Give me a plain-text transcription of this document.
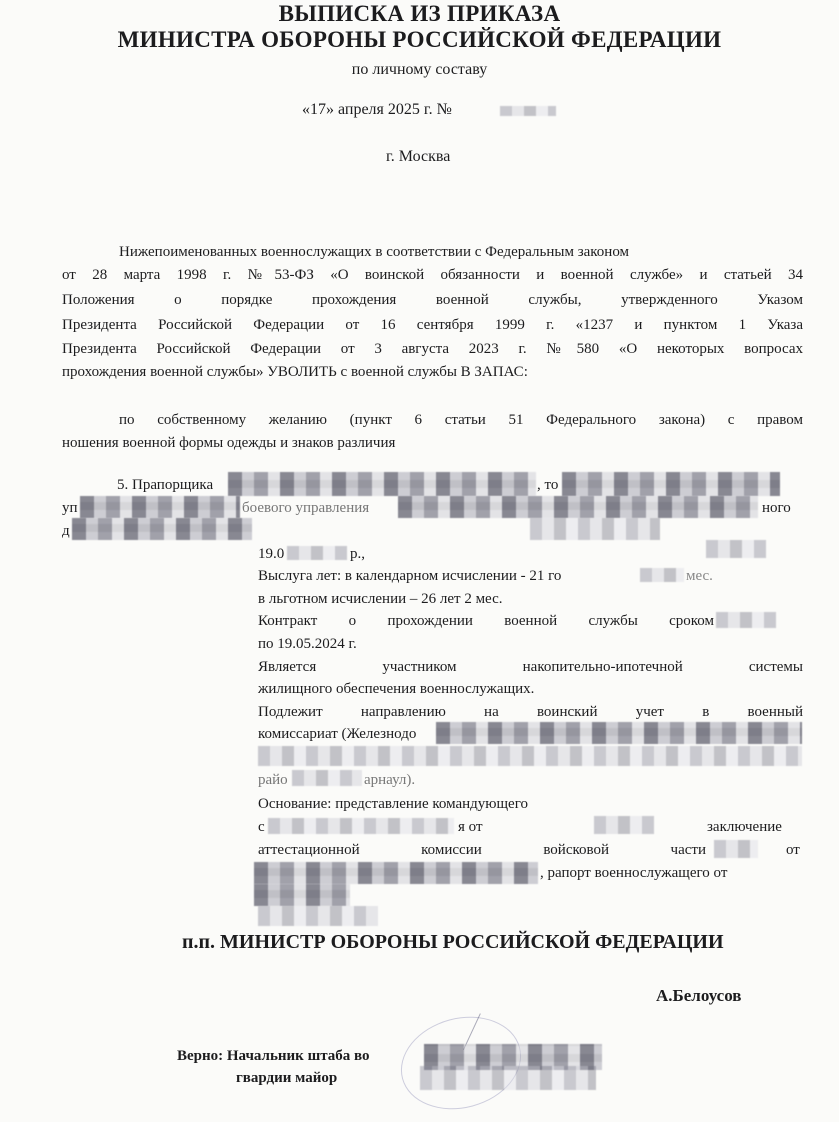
ВЫПИСКА ИЗ ПРИКАЗА
МИНИСТРА ОБОРОНЫ РОССИЙСКОЙ ФЕДЕРАЦИИ
по личному составу
«17» апреля 2025 г. №
г. Москва
Нижепоименованных военнослужащих в соответствии с Федеральным законом
от 28 марта 1998 г. №53-ФЗ «О воинской обязанности и военной службе» и статьей 34
Положения о порядке прохождения военной службы, утвержденного Указом
Президента Российской Федерации от 16 сентября 1999 г. «1237 и пунктом 1 Указа
Президента Российской Федерации от 3 августа 2023 г. №580 «О некоторых вопросах
прохождения военной службы» УВОЛИТЬ с военной службы В ЗАПАС:
по собственному желанию (пункт 6 статьи 51 Федерального закона) с правом
ношения военной формы одежды и знаков различия
5. Прапорщика	, то
уп	боевого управления	ного
д
19.0	р.,
Выслуга лет: в календарном исчислении - 21 го	мес.
в льготном исчислении – 26 лет 2 мес.
Контракт о прохождении военной службы сроком
по 19.05.2024 г.
Является участником накопительно-ипотечной системы
жилищного обеспечения военнослужащих.
Подлежит направлению на воинский учет в военный
комиссариат (Железнодо
райо	арнаул).
Основание: представление командующего
с	я от	заключение
аттестационной комиссии войсковой части	от
, рапорт военнослужащего от
п.п. МИНИСТР ОБОРОНЫ РОССИЙСКОЙ ФЕДЕРАЦИИ
А.Белоусов
Верно: Начальник штаба во
гвардии майор
